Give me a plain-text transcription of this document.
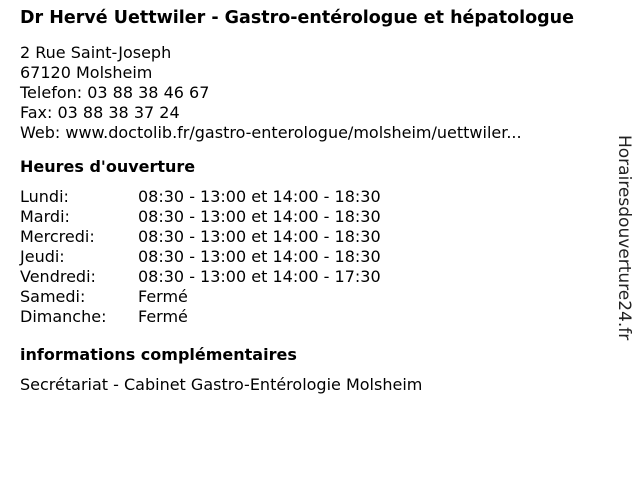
Dr Hervé Uettwiler - Gastro-entérologue et hépatologue
2 Rue Saint-Joseph
67120 Molsheim
Telefon: 03 88 38 46 67
Fax: 03 88 38 37 24
Web: www.doctolib.fr/gastro-enterologue/molsheim/uettwiler...
Heures d'ouverture
Lundi:	08:30 - 13:00 et 14:00 - 18:30
Mardi:	08:30 - 13:00 et 14:00 - 18:30
Mercredi:	08:30 - 13:00 et 14:00 - 18:30
Jeudi:	08:30 - 13:00 et 14:00 - 18:30
Vendredi:	08:30 - 13:00 et 14:00 - 17:30
Samedi:	Fermé
Dimanche:	Fermé
informations complémentaires
Secrétariat - Cabinet Gastro-Entérologie Molsheim
Horairesdouverture24.fr
